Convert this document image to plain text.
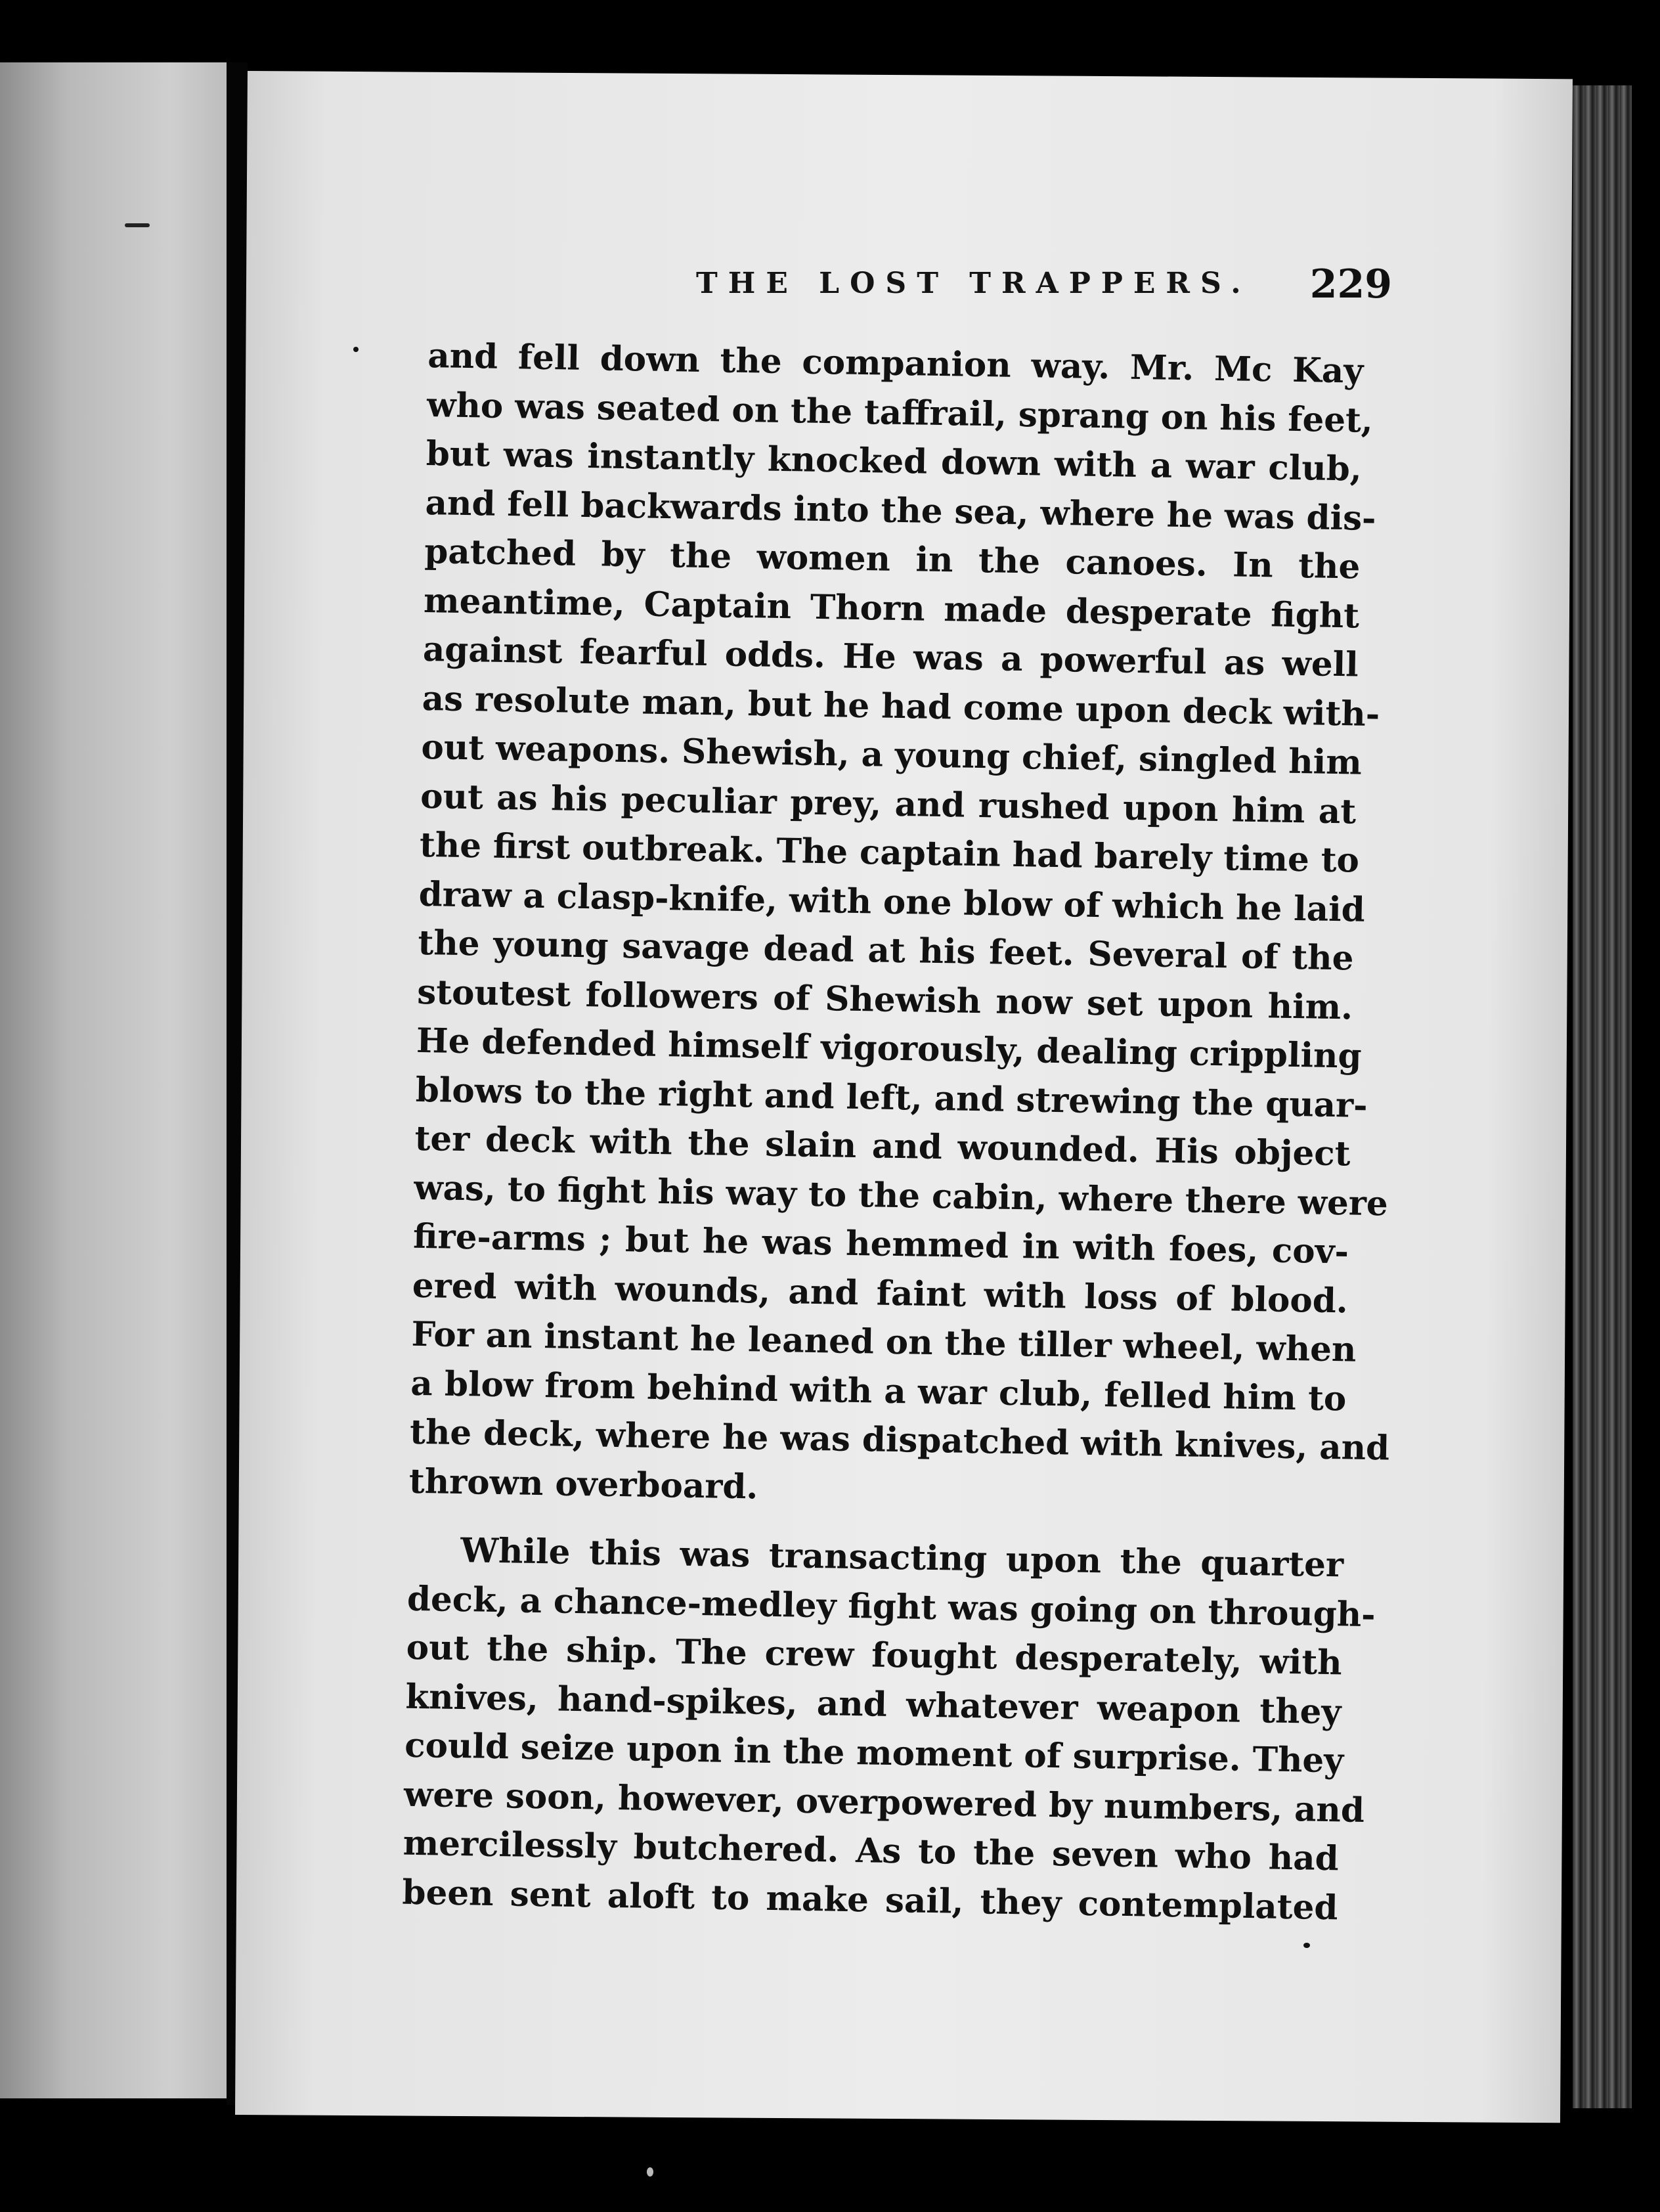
THE LOST TRAPPERS. 229
and fell down the companion way. Mr. Mc Kay
who was seated on the taffrail, sprang on his feet,
but was instantly knocked down with a war club,
and fell backwards into the sea, where he was dis-
patched by the women in the canoes. In the
meantime, Captain Thorn made desperate fight
against fearful odds. He was a powerful as well
as resolute man, but he had come upon deck with-
out weapons. Shewish, a young chief, singled him
out as his peculiar prey, and rushed upon him at
the first outbreak. The captain had barely time to
draw a clasp-knife, with one blow of which he laid
the young savage dead at his feet. Several of the
stoutest followers of Shewish now set upon him.
He defended himself vigorously, dealing crippling
blows to the right and left, and strewing the quar-
ter deck with the slain and wounded. His object
was, to fight his way to the cabin, where there were
fire-arms ; but he was hemmed in with foes, cov-
ered with wounds, and faint with loss of blood.
For an instant he leaned on the tiller wheel, when
a blow from behind with a war club, felled him to
the deck, where he was dispatched with knives, and
thrown overboard.
While this was transacting upon the quarter
deck, a chance-medley fight was going on through-
out the ship. The crew fought desperately, with
knives, hand-spikes, and whatever weapon they
could seize upon in the moment of surprise. They
were soon, however, overpowered by numbers, and
mercilessly butchered. As to the seven who had
been sent aloft to make sail, they contemplated
